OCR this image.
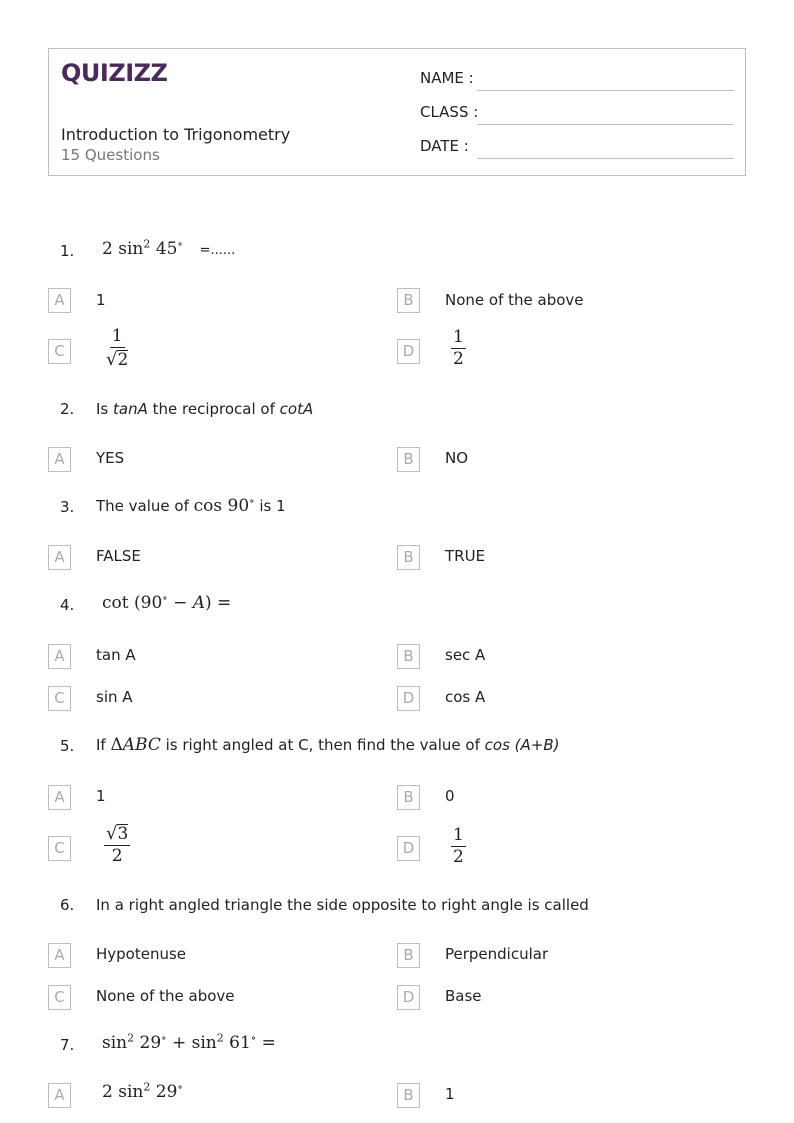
QUIZIZZ
Introduction to Trigonometry
15 Questions
NAME :
CLASS :
DATE :
1. 2 $\sin^2 45^\circ$ =......
A	1	B	None of the above
C	$\frac{1}{√ 2}$	D	$\frac{1}{2}$
2. Is tanA the reciprocal of cotA
A	YES	B	NO
3. The value of cos 90∘ is 1
A	FALSE	B	TRUE
4. cot (90∘ − A) =
A	tan A	B	sec A
C	sin A	D	cos A
5. If ΔABC is right angled at C, then find the value of cos (A+B)
A	1	B	0
C	$\frac{√ 3}{2}$	D	$\frac{1}{2}$
6. In a right angled triangle the side opposite to right angle is called
A	Hypotenuse	B	Perpendicular
C	None of the above	D	Base
7. $\sin^2 29^\circ + \sin^2 61^\circ$ =
A	2 $\sin^2 29^\circ$	B	1
